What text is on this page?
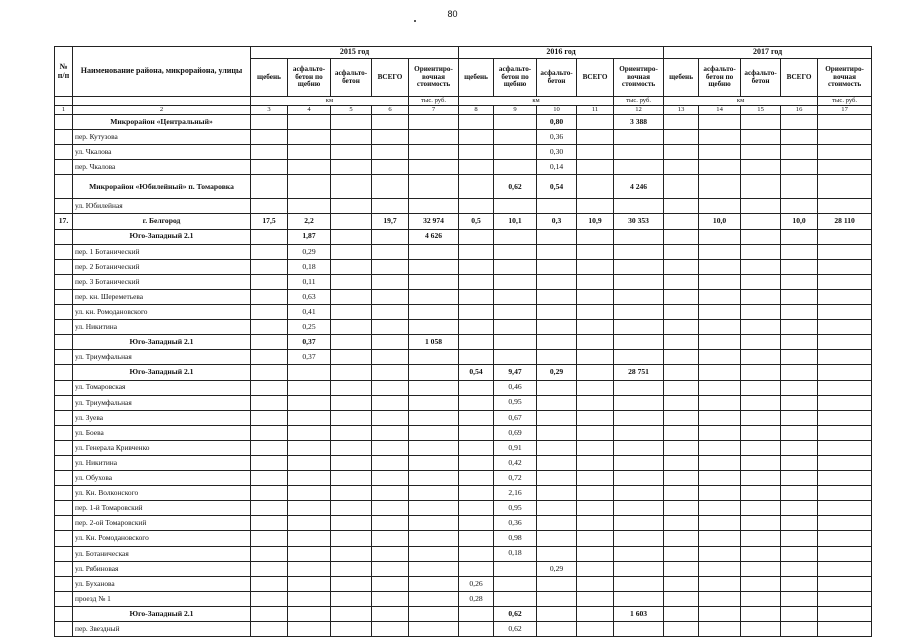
80
№
п/п	Наименование района, микрорайона, улицы	2015 год					2016 год					2017 год				
		щебень	асфальто-бетон по щебню	асфальто-бетон	ВСЕГО	Ориентиро-вочная стоимость	щебень	асфальто-бетон по щебню	асфальто-бетон	ВСЕГО	Ориентиро-вочная стоимость	щебень	асфальто-бетон по щебню	асфальто-бетон	ВСЕГО	Ориентиро-вочная стоимость
		км				тыс. руб.	км				тыс. руб.	км				тыс. руб.
1	2	3	4	5	6	7	8	9	10	11	12	13	14	15	16	17
	Микрорайон «Центральный»								0,80		3 388					
	пер. Кутузова								0,36							
	ул. Чкалова								0,30							
	пер. Чкалова								0,14							
	Микрорайон «Юбилейный» п. Томаровка							0,62	0,54		4 246					
	ул. Юбилейная															
17.	г. Белгород	17,5	2,2		19,7	32 974	0,5	10,1	0,3	10,9	30 353		10,0		10,0	28 110
	Юго-Западный 2.1		1,87			4 626										
	пер. 1 Ботанический		0,29													
	пер. 2 Ботанический		0,18													
	пер. 3 Ботанический		0,11													
	пер. кн. Шереметьева		0,63													
	ул. кн. Ромодановского		0,41													
	ул. Никитина		0,25													
	Юго-Западный 2.1		0,37			1 058										
	ул. Триумфальная		0,37													
	Юго-Западный 2.1						0,54	9,47	0,29		28 751					
	ул. Томаровская							0,46								
	ул. Триумфальная							0,95								
	ул. Зуева							0,67								
	ул. Боева							0,69								
	ул. Генерала Кривченко							0,91								
	ул. Никитина							0,42								
	ул. Обухова							0,72								
	ул. Кн. Волконского							2,16								
	пер. 1-й Томаровский							0,95								
	пер. 2-ой Томаровский							0,36								
	ул. Кн. Ромодановского							0,98								
	ул. Ботаническая							0,18								
	ул. Рябиновая								0,29							
	ул. Буханова						0,26									
	проезд № 1						0,28									
	Юго-Западный 2.1							0,62			1 603					
	пер. Звездный							0,62								
